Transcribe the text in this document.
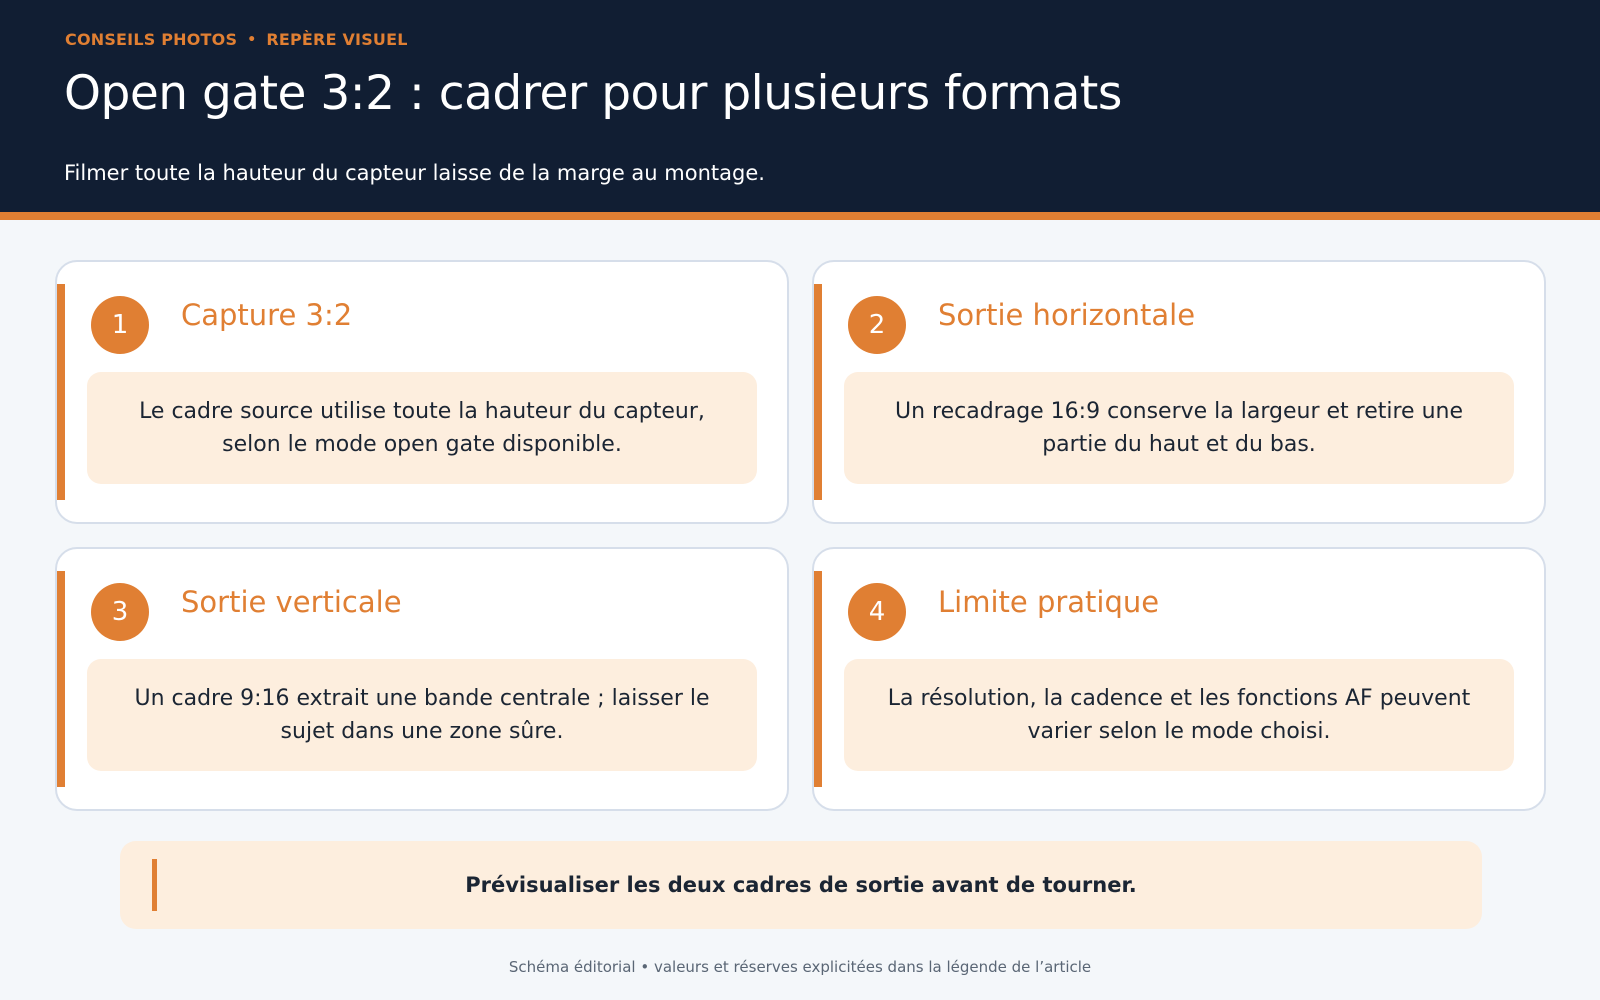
CONSEILS PHOTOS • REPÈRE VISUEL
Open gate 3:2 : cadrer pour plusieurs formats

Filmer toute la hauteur du capteur laisse de la marge au montage.

1	Capture 3:2
Le cadre source utilise toute la hauteur du capteur, selon le mode open gate disponible.
2	Sortie horizontale
Un recadrage 16:9 conserve la largeur et retire une partie du haut et du bas.
3	Sortie verticale
Un cadre 9:16 extrait une bande centrale ; laisser le sujet dans une zone sûre.
4	Limite pratique
La résolution, la cadence et les fonctions AF peuvent varier selon le mode choisi.
Prévisualiser les deux cadres de sortie avant de tourner.
Schéma éditorial • valeurs et réserves explicitées dans la légende de l’article
